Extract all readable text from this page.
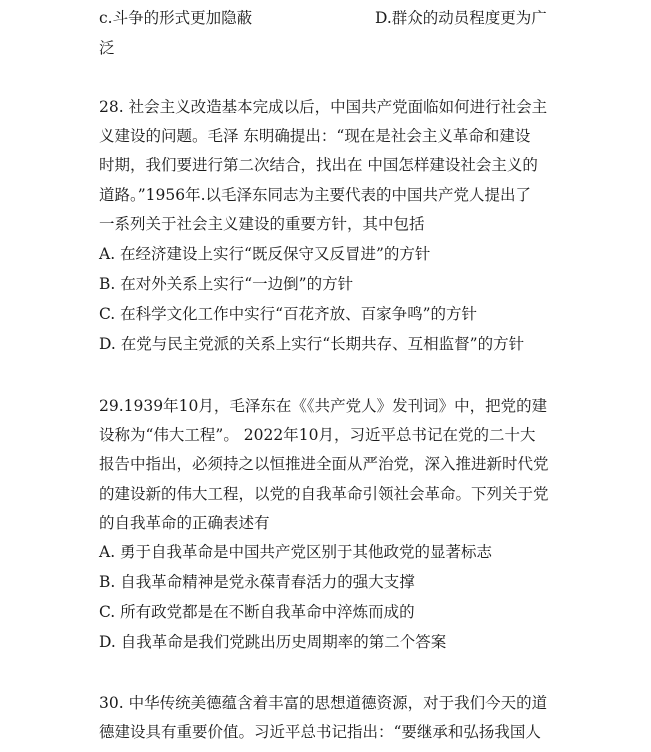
c.斗争的形式更加隐蔽	D.群众的动员程度更为广
泛
28. 社会主义改造基本完成以后，中国共产党面临如何进行社会主
义建设的问题。毛泽 东明确提出：“现在是社会主义革命和建设
时期，我们要进行第二次结合，找出在 中国怎样建设社会主义的
道路。”1956年.以毛泽东同志为主要代表的中国共产党人提出了
一系列关于社会主义建设的重要方针，其中包括
A. 在经济建设上实行“既反保守又反冒进”的方针
B. 在对外关系上实行“一边倒”的方针
C. 在科学文化工作中实行“百花齐放、百家争鸣”的方针
D. 在党与民主党派的关系上实行“长期共存、互相监督”的方针
29.1939年10月，毛泽东在《《共产党人》发刊词》中，把党的建
设称为“伟大工程”。 2022年10月，习近平总书记在党的二十大
报告中指出，必须持之以恒推进全面从严治党，深入推进新时代党
的建设新的伟大工程，以党的自我革命引领社会革命。下列关于党
的自我革命的正确表述有
A. 勇于自我革命是中国共产党区别于其他政党的显著标志
B. 自我革命精神是党永葆青春活力的强大支撑
C. 所有政党都是在不断自我革命中淬炼而成的
D. 自我革命是我们党跳出历史周期率的第二个答案
30. 中华传统美德蕴含着丰富的思想道德资源，对于我们今天的道
德建设具有重要价值。习近平总书记指出：“要继承和弘扬我国人
